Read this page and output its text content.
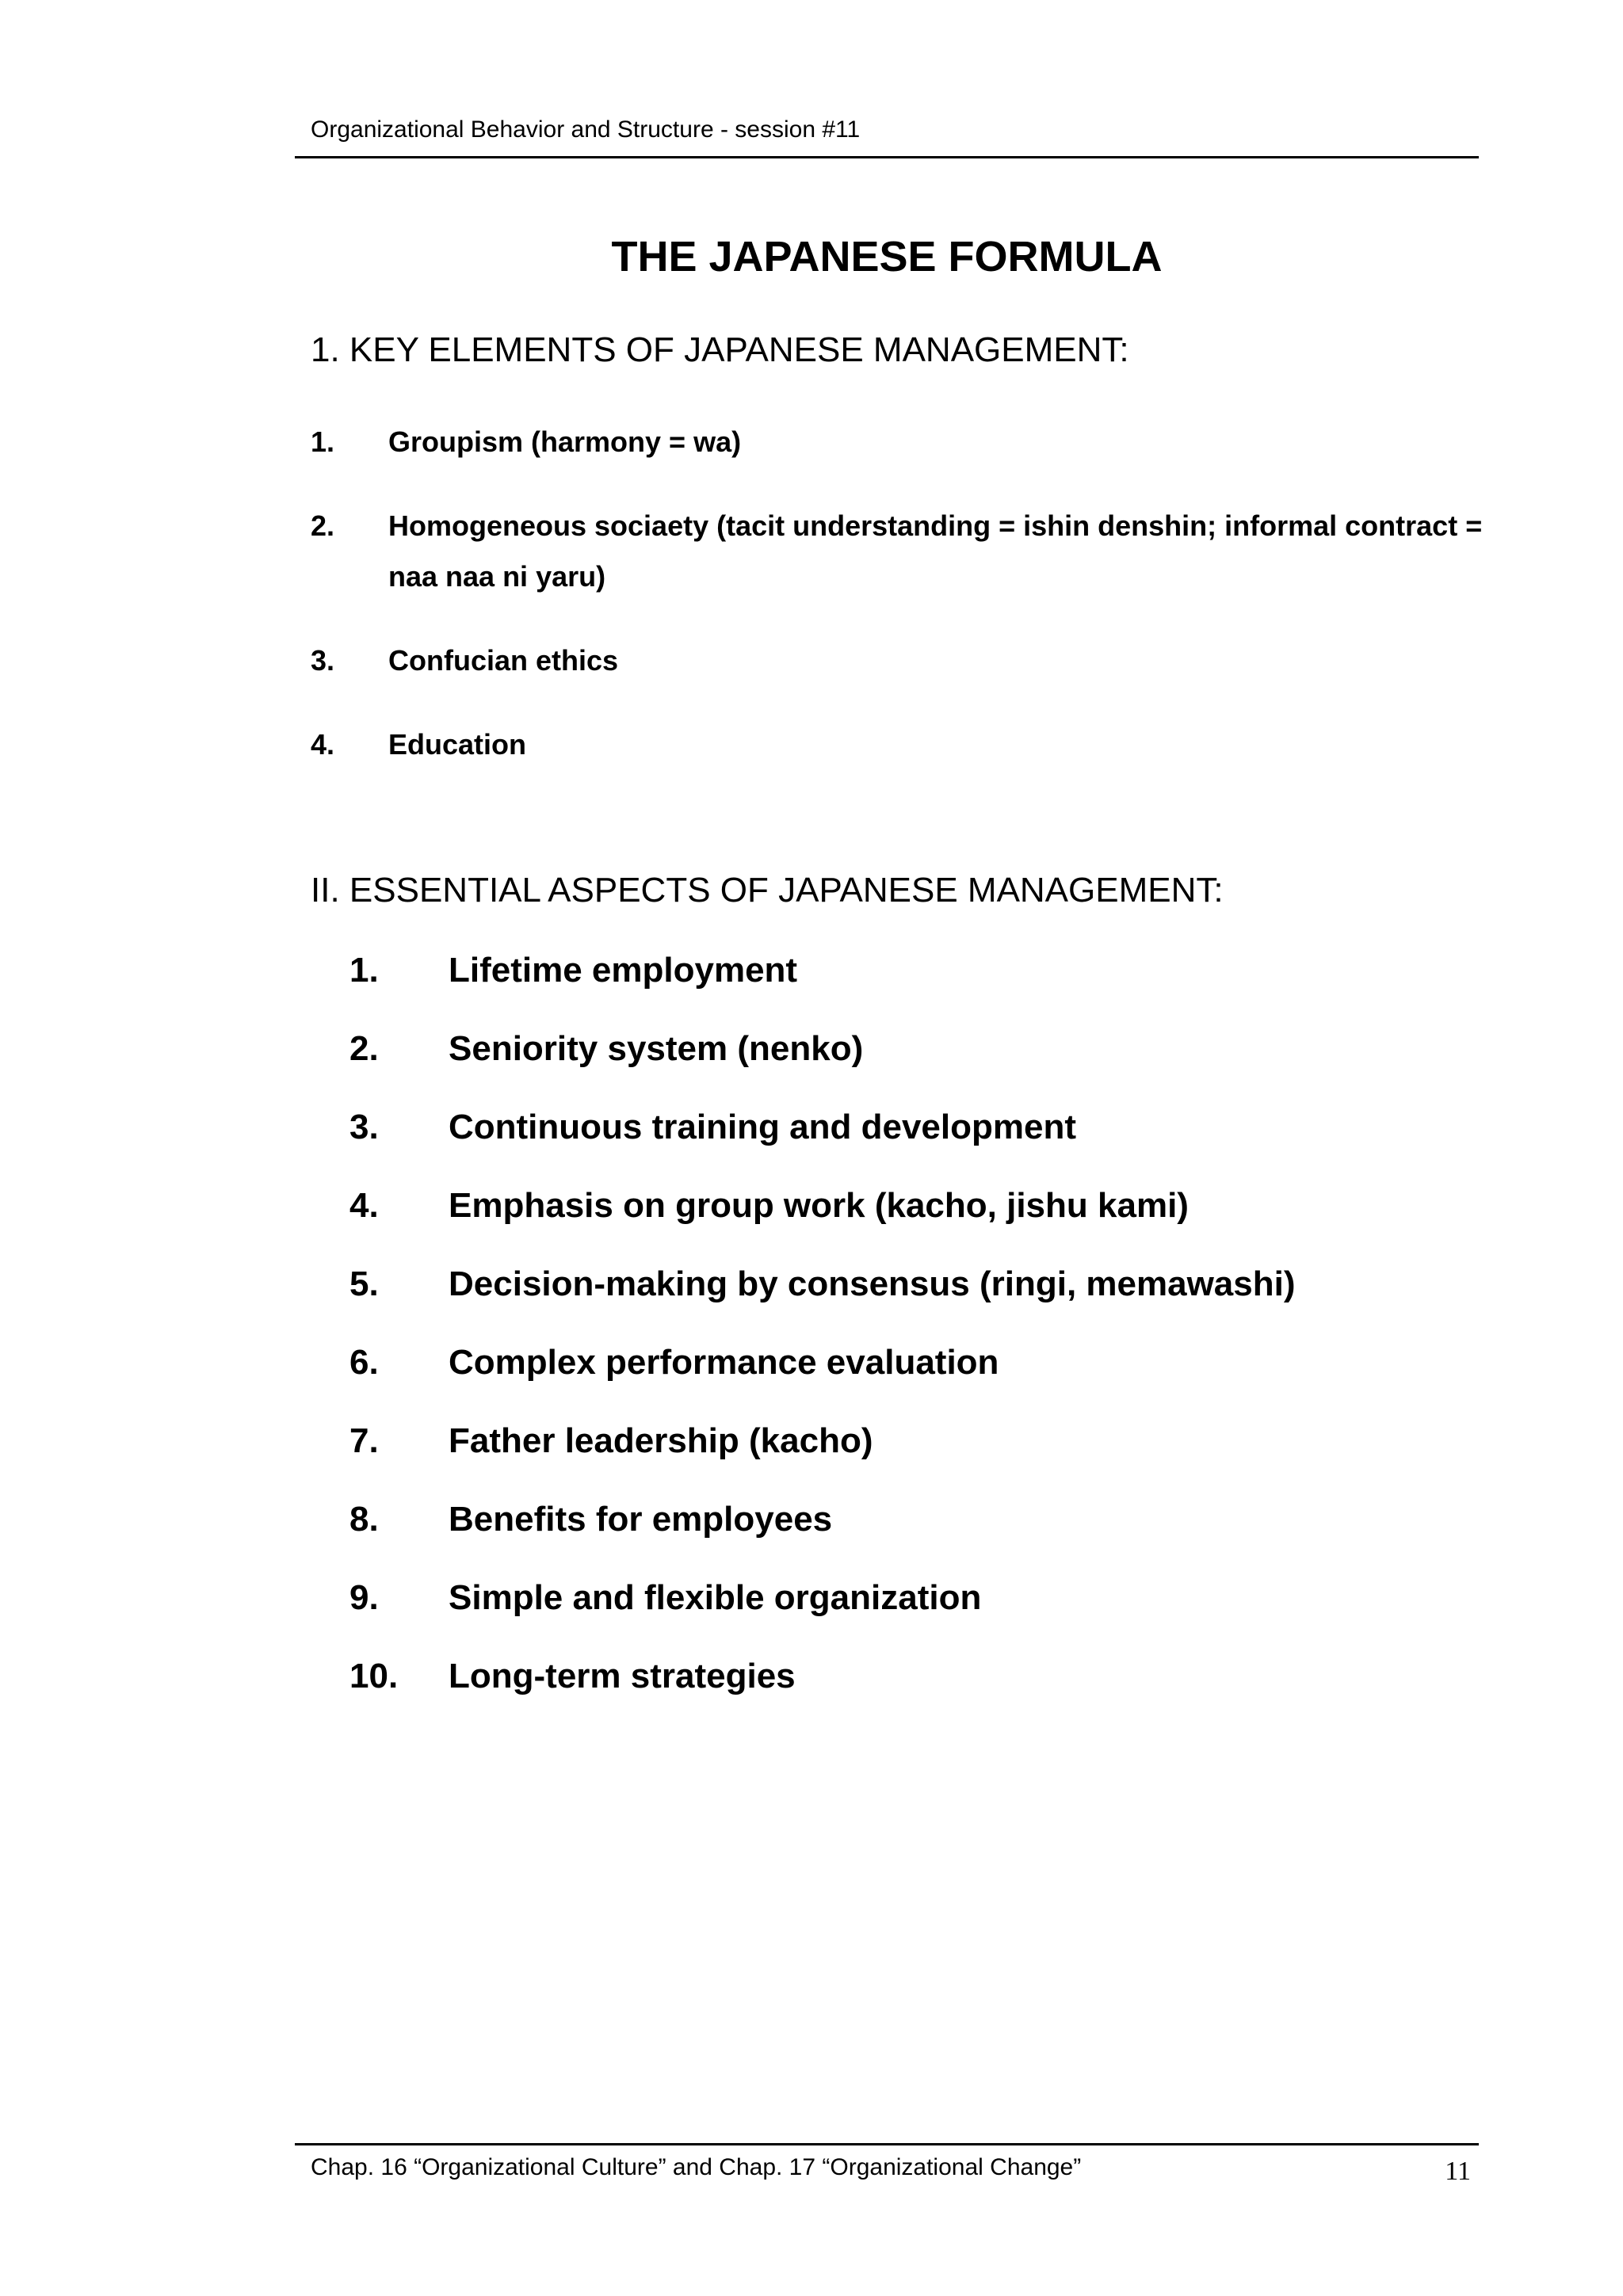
Organizational Behavior and Structure - session #11
THE JAPANESE FORMULA
1. KEY ELEMENTS OF JAPANESE MANAGEMENT:
1. Groupism (harmony = wa)
2. Homogeneous sociaety (tacit understanding = ishin denshin; informal contract = naa naa ni yaru)
3. Confucian ethics
4. Education
II. ESSENTIAL ASPECTS OF JAPANESE MANAGEMENT:
1. Lifetime employment
2. Seniority system (nenko)
3. Continuous training and development
4. Emphasis on group work (kacho, jishu kami)
5. Decision-making by consensus (ringi, memawashi)
6. Complex performance evaluation
7. Father leadership (kacho)
8. Benefits for employees
9. Simple and flexible organization
10. Long-term strategies
Chap. 16 “Organizational Culture” and Chap. 17 “Organizational Change”	11
